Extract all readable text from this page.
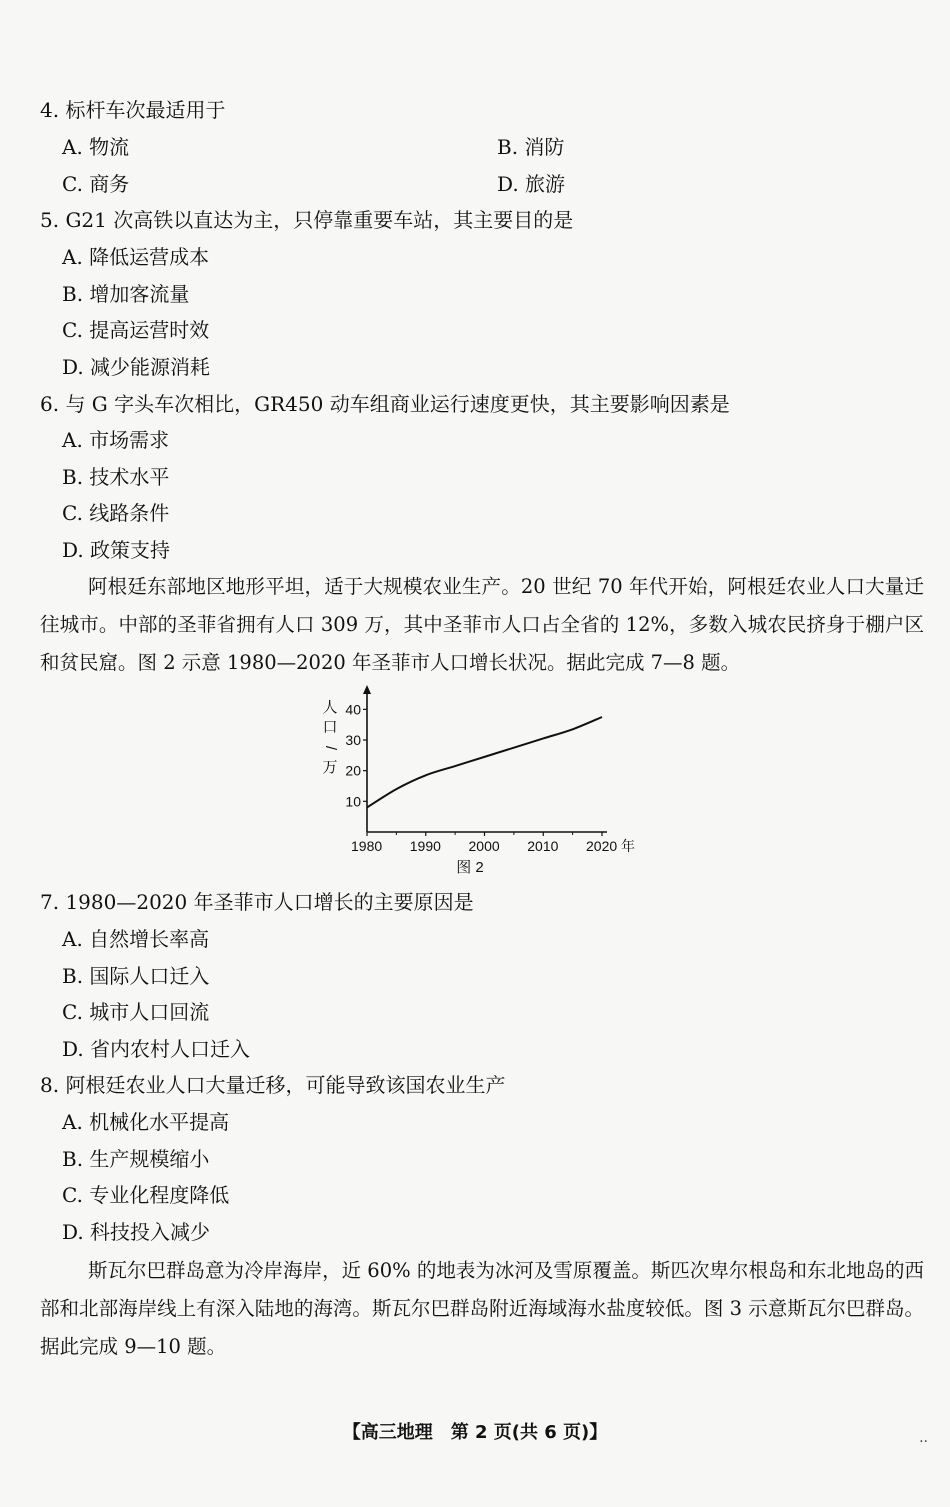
4. 标杆车次最适用于
A. 物流	B. 消防
C. 商务	D. 旅游
5. G21 次高铁以直达为主，只停靠重要车站，其主要目的是
A. 降低运营成本
B. 增加客流量
C. 提高运营时效
D. 减少能源消耗
6. 与 G 字头车次相比，GR450 动车组商业运行速度更快，其主要影响因素是
A. 市场需求
B. 技术水平
C. 线路条件
D. 政策支持
阿根廷东部地区地形平坦，适于大规模农业生产。20 世纪 70 年代开始，阿根廷农业人口大量迁往城市。中部的圣菲省拥有人口 309 万，其中圣菲市人口占全省的 12%，多数入城农民挤身于棚户区和贫民窟。图 2 示意 1980—2020 年圣菲市人口增长状况。据此完成 7—8 题。
10
20
30
40
1980 1990 2000 2010 2020 年
人
口
/
万
图 2
7. 1980—2020 年圣菲市人口增长的主要原因是
A. 自然增长率高
B. 国际人口迁入
C. 城市人口回流
D. 省内农村人口迁入
8. 阿根廷农业人口大量迁移，可能导致该国农业生产
A. 机械化水平提高
B. 生产规模缩小
C. 专业化程度降低
D. 科技投入减少
斯瓦尔巴群岛意为冷岸海岸，近 60% 的地表为冰河及雪原覆盖。斯匹次卑尔根岛和东北地岛的西部和北部海岸线上有深入陆地的海湾。斯瓦尔巴群岛附近海域海水盐度较低。图 3 示意斯瓦尔巴群岛。据此完成 9—10 题。
【高三地理　第 2 页(共 6 页)】	..
